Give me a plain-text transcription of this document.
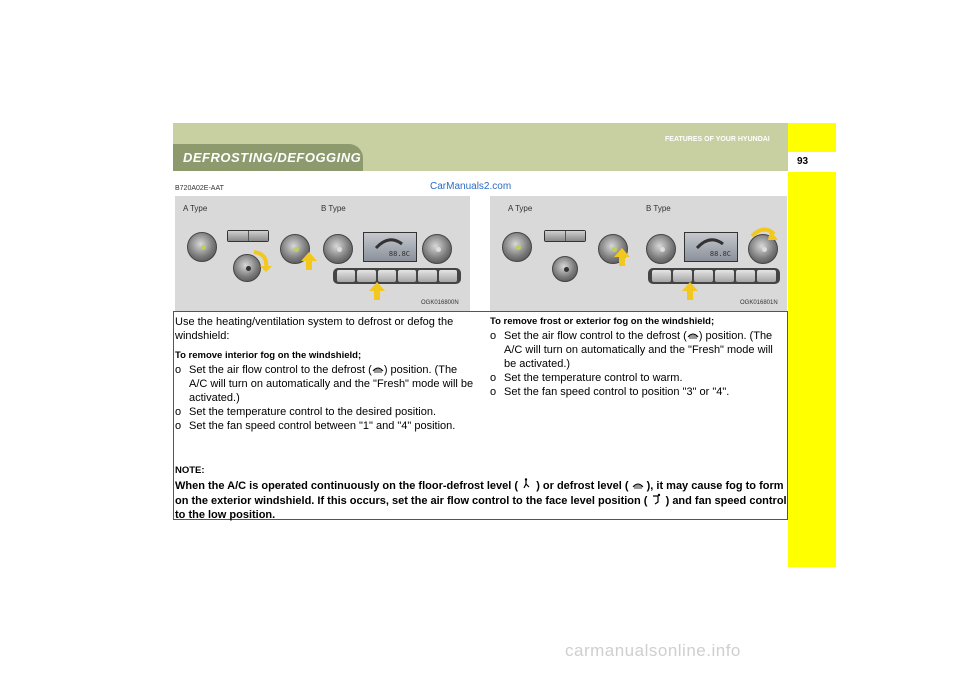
DEFROSTING/DEFOGGING
FEATURES OF YOUR HYUNDAI
93
B720A02E-AAT	CarManuals2.com
A Type	B Type
88.8C
OGK016800N
A Type	B Type
88.8C
OGK016801N

Use the heating/ventilation system to defrost or defog the windshield:

To remove interior fog on the windshield;

o Set the air flow control to the defrost ( ) position. (The A/C will turn on automatically and the "Fresh" mode will be activated.)
o Set the temperature control to the desired position.
o Set the fan speed control between "1" and "4" position.

To remove frost or exterior fog on the windshield;

o Set the air flow control to the defrost ( ) position. (The A/C will turn on automatically and the "Fresh" mode will be activated.)
o Set the temperature control to warm.
o Set the fan speed control to position "3" or "4".

NOTE:

When the A/C is operated continuously on the floor-defrost level ( ) or defrost level ( ), it may cause fog to form on the exterior windshield. If this occurs, set the air flow control to the face level position ( ) and fan speed control to the low position.
carmanualsonline.info
